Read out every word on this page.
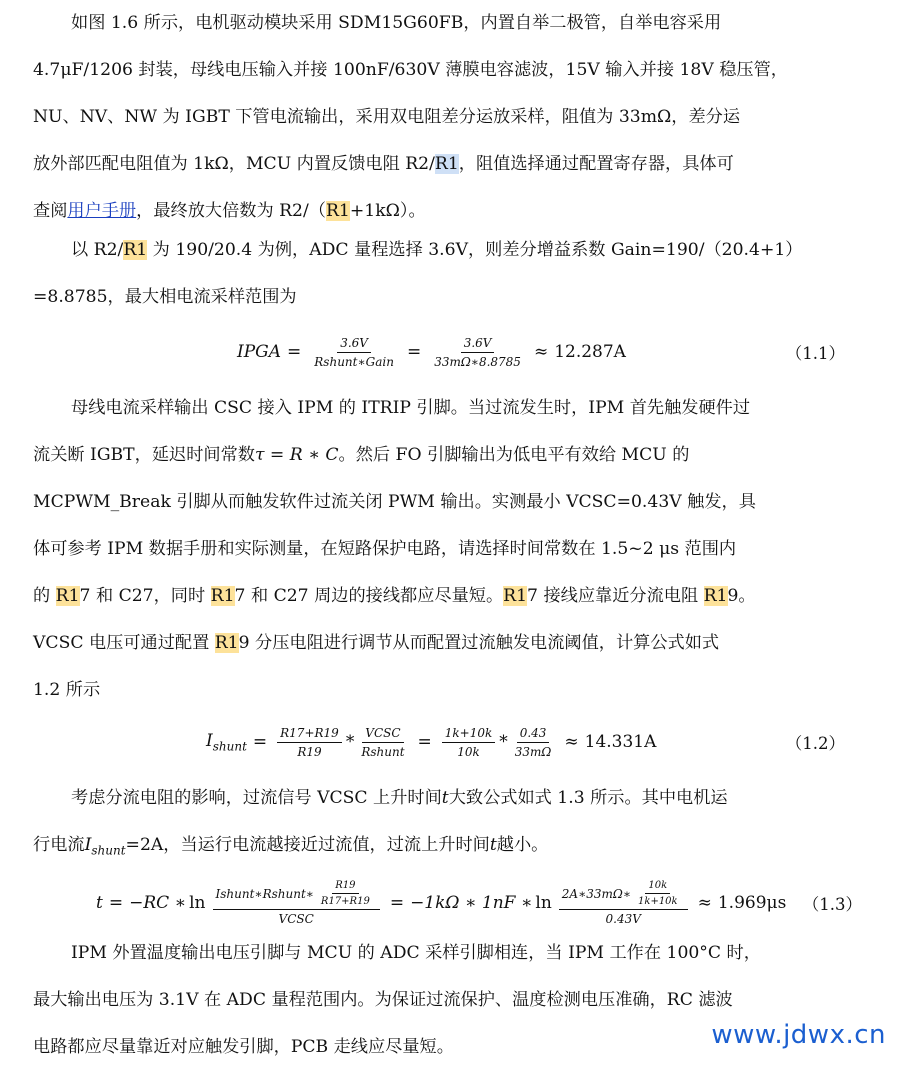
如图 1.6 所示，电机驱动模块采用 SDM15G60FB，内置自举二极管，自举电容采用
4.7μF/1206 封装，母线电压输入并接 100nF/630V 薄膜电容滤波，15V 输入并接 18V 稳压管，
NU、NV、NW 为 IGBT 下管电流输出，采用双电阻差分运放采样，阻值为 33mΩ，差分运
放外部匹配电阻值为 1kΩ，MCU 内置反馈电阻 R2/R1，阻值选择通过配置寄存器，具体可
查阅用户手册，最终放大倍数为 R2/（R1+1kΩ）。
以 R2/R1 为 190/20.4 为例，ADC 量程选择 3.6V，则差分增益系数 Gain=190/（20.4+1）
=8.8785，最大相电流采样范围为
IPGA = $\frac{3.6V}{\text{Rshunt∗Gain}} = \frac{3.6V}{33m\Omega∗8.8785} \approx 12.287A$	（1.1）
母线电流采样输出 CSC 接入 IPM 的 ITRIP 引脚。当过流发生时，IPM 首先触发硬件过
流关断 IGBT，延迟时间常数τ = R ∗ C。然后 FO 引脚输出为低电平有效给 MCU 的
MCPWM_Break 引脚从而触发软件过流关闭 PWM 输出。实测最小 VCSC=0.43V 触发，具
体可参考 IPM 数据手册和实际测量，在短路保护电路，请选择时间常数在 1.5~2 μs 范围内
的 R17 和 C27，同时 R17 和 C27 周边的接线都应尽量短。R17 接线应靠近分流电阻 R19。
VCSC 电压可通过配置 R19 分压电阻进行调节从而配置过流触发电流阈值，计算公式如式
1.2 所示
$I_{shunt} = \frac{R17+R19}{R19} * \frac{\text{VCSC}}{\text{Rshunt}} = \frac{1k+10k}{10k} * \frac{0.43}{33m\Omega} \approx 14.331A$	（1.2）
考虑分流电阻的影响，过流信号 VCSC 上升时间t大致公式如式 1.3 所示。其中电机运
行电流$I_{shunt}=2A$，当运行电流越接近过流值，过流上升时间t越小。
t = −RC ∗ $\ln \frac{Ishunt∗Rshunt∗ \frac{R19}{R17+R19}}{\text{VCSC}} = -1k\Omega$ ∗ 1nF ∗ $\ln \frac{2A∗33m\Omega∗ \frac{10k}{1k+10k}}{0.43V} \approx 1.969\mu s$ （1.3）
IPM 外置温度输出电压引脚与 MCU 的 ADC 采样引脚相连，当 IPM 工作在 100°C 时，
最大输出电压为 3.1V 在 ADC 量程范围内。为保证过流保护、温度检测电压准确，RC 滤波
电路都应尽量靠近对应触发引脚，PCB 走线应尽量短。	www.jdwx.cn
